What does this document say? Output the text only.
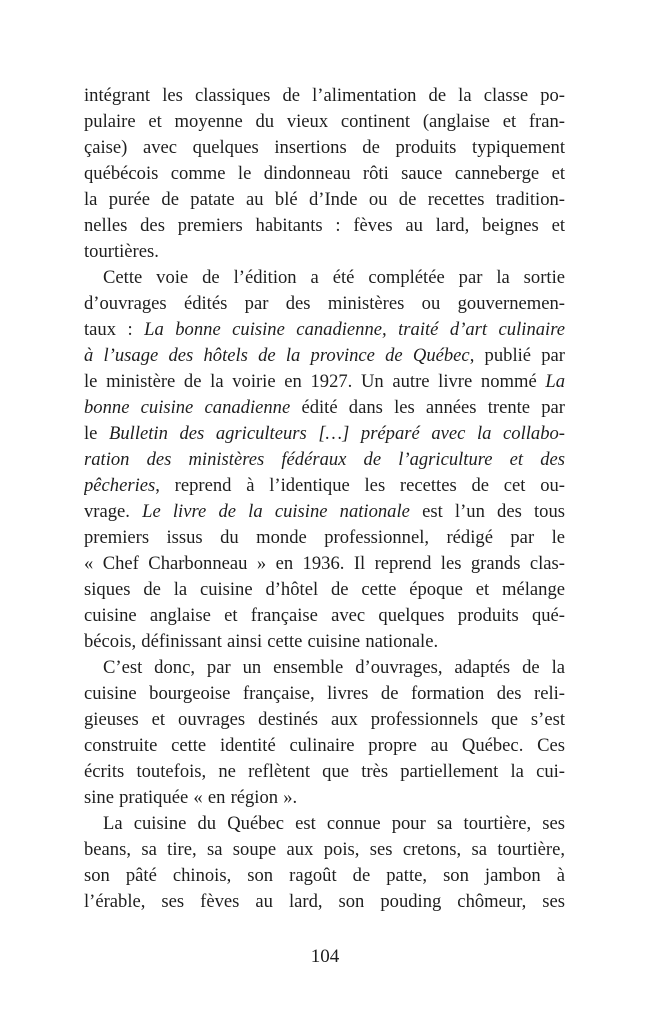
intégrant les classiques de l’alimentation de la classe po-
pulaire et moyenne du vieux continent (anglaise et fran-
çaise) avec quelques insertions de produits typiquement
québécois comme le dindonneau rôti sauce canneberge et
la purée de patate au blé d’Inde ou de recettes tradition-
nelles des premiers habitants : fèves au lard, beignes et
tourtières.
Cette voie de l’édition a été complétée par la sortie
d’ouvrages édités par des ministères ou gouvernemen-
taux : La bonne cuisine canadienne, traité d’art culinaire
à l’usage des hôtels de la province de Québec, publié par
le ministère de la voirie en 1927. Un autre livre nommé La
bonne cuisine canadienne édité dans les années trente par
le Bulletin des agriculteurs […] préparé avec la collabo-
ration des ministères fédéraux de l’agriculture et des
pêcheries, reprend à l’identique les recettes de cet ou-
vrage. Le livre de la cuisine nationale est l’un des tous
premiers issus du monde professionnel, rédigé par le
« Chef Charbonneau » en 1936. Il reprend les grands clas-
siques de la cuisine d’hôtel de cette époque et mélange
cuisine anglaise et française avec quelques produits qué-
bécois, définissant ainsi cette cuisine nationale.
C’est donc, par un ensemble d’ouvrages, adaptés de la
cuisine bourgeoise française, livres de formation des reli-
gieuses et ouvrages destinés aux professionnels que s’est
construite cette identité culinaire propre au Québec. Ces
écrits toutefois, ne reflètent que très partiellement la cui-
sine pratiquée « en région ».
La cuisine du Québec est connue pour sa tourtière, ses
beans, sa tire, sa soupe aux pois, ses cretons, sa tourtière,
son pâté chinois, son ragoût de patte, son jambon à
l’érable, ses fèves au lard, son pouding chômeur, ses
104
